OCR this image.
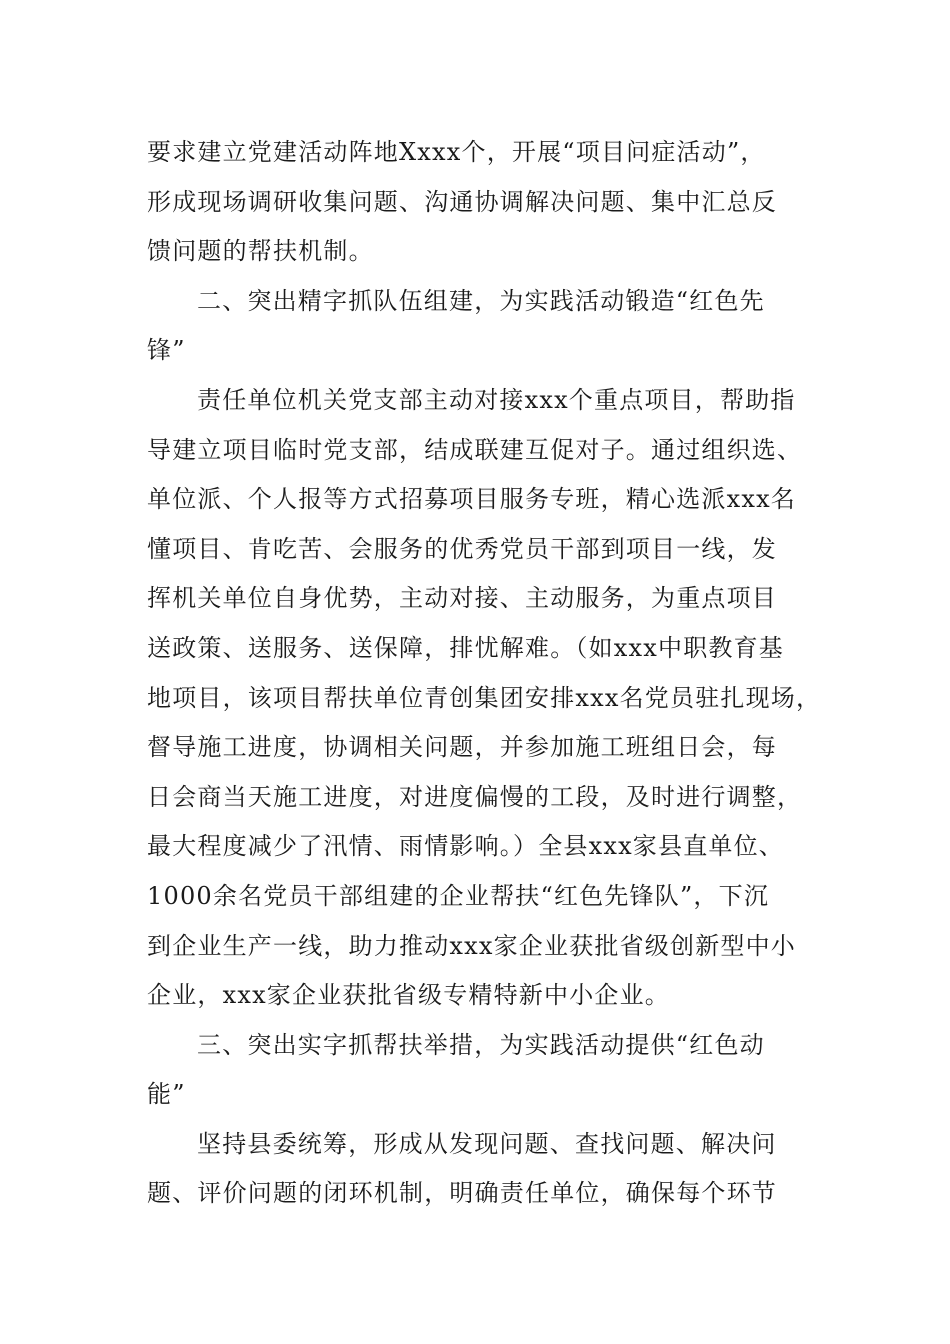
要求建立党建活动阵地Xxxx个，开展“项目问症活动”，
形成现场调研收集问题、沟通协调解决问题、集中汇总反
馈问题的帮扶机制。
二、突出精字抓队伍组建，为实践活动锻造“红色先
锋”
责任单位机关党支部主动对接xxx个重点项目，帮助指
导建立项目临时党支部，结成联建互促对子。通过组织选、
单位派、个人报等方式招募项目服务专班，精心选派xxx名
懂项目、肯吃苦、会服务的优秀党员干部到项目一线，发
挥机关单位自身优势，主动对接、主动服务，为重点项目
送政策、送服务、送保障，排忧解难。（如xxx中职教育基
地项目，该项目帮扶单位青创集团安排xxx名党员驻扎现场，
督导施工进度，协调相关问题，并参加施工班组日会，每
日会商当天施工进度，对进度偏慢的工段，及时进行调整，
最大程度减少了汛情、雨情影响。）全县xxx家县直单位、
1000余名党员干部组建的企业帮扶“红色先锋队”，下沉
到企业生产一线，助力推动xxx家企业获批省级创新型中小
企业，xxx家企业获批省级专精特新中小企业。
三、突出实字抓帮扶举措，为实践活动提供“红色动
能”
坚持县委统筹，形成从发现问题、查找问题、解决问
题、评价问题的闭环机制，明确责任单位，确保每个环节
